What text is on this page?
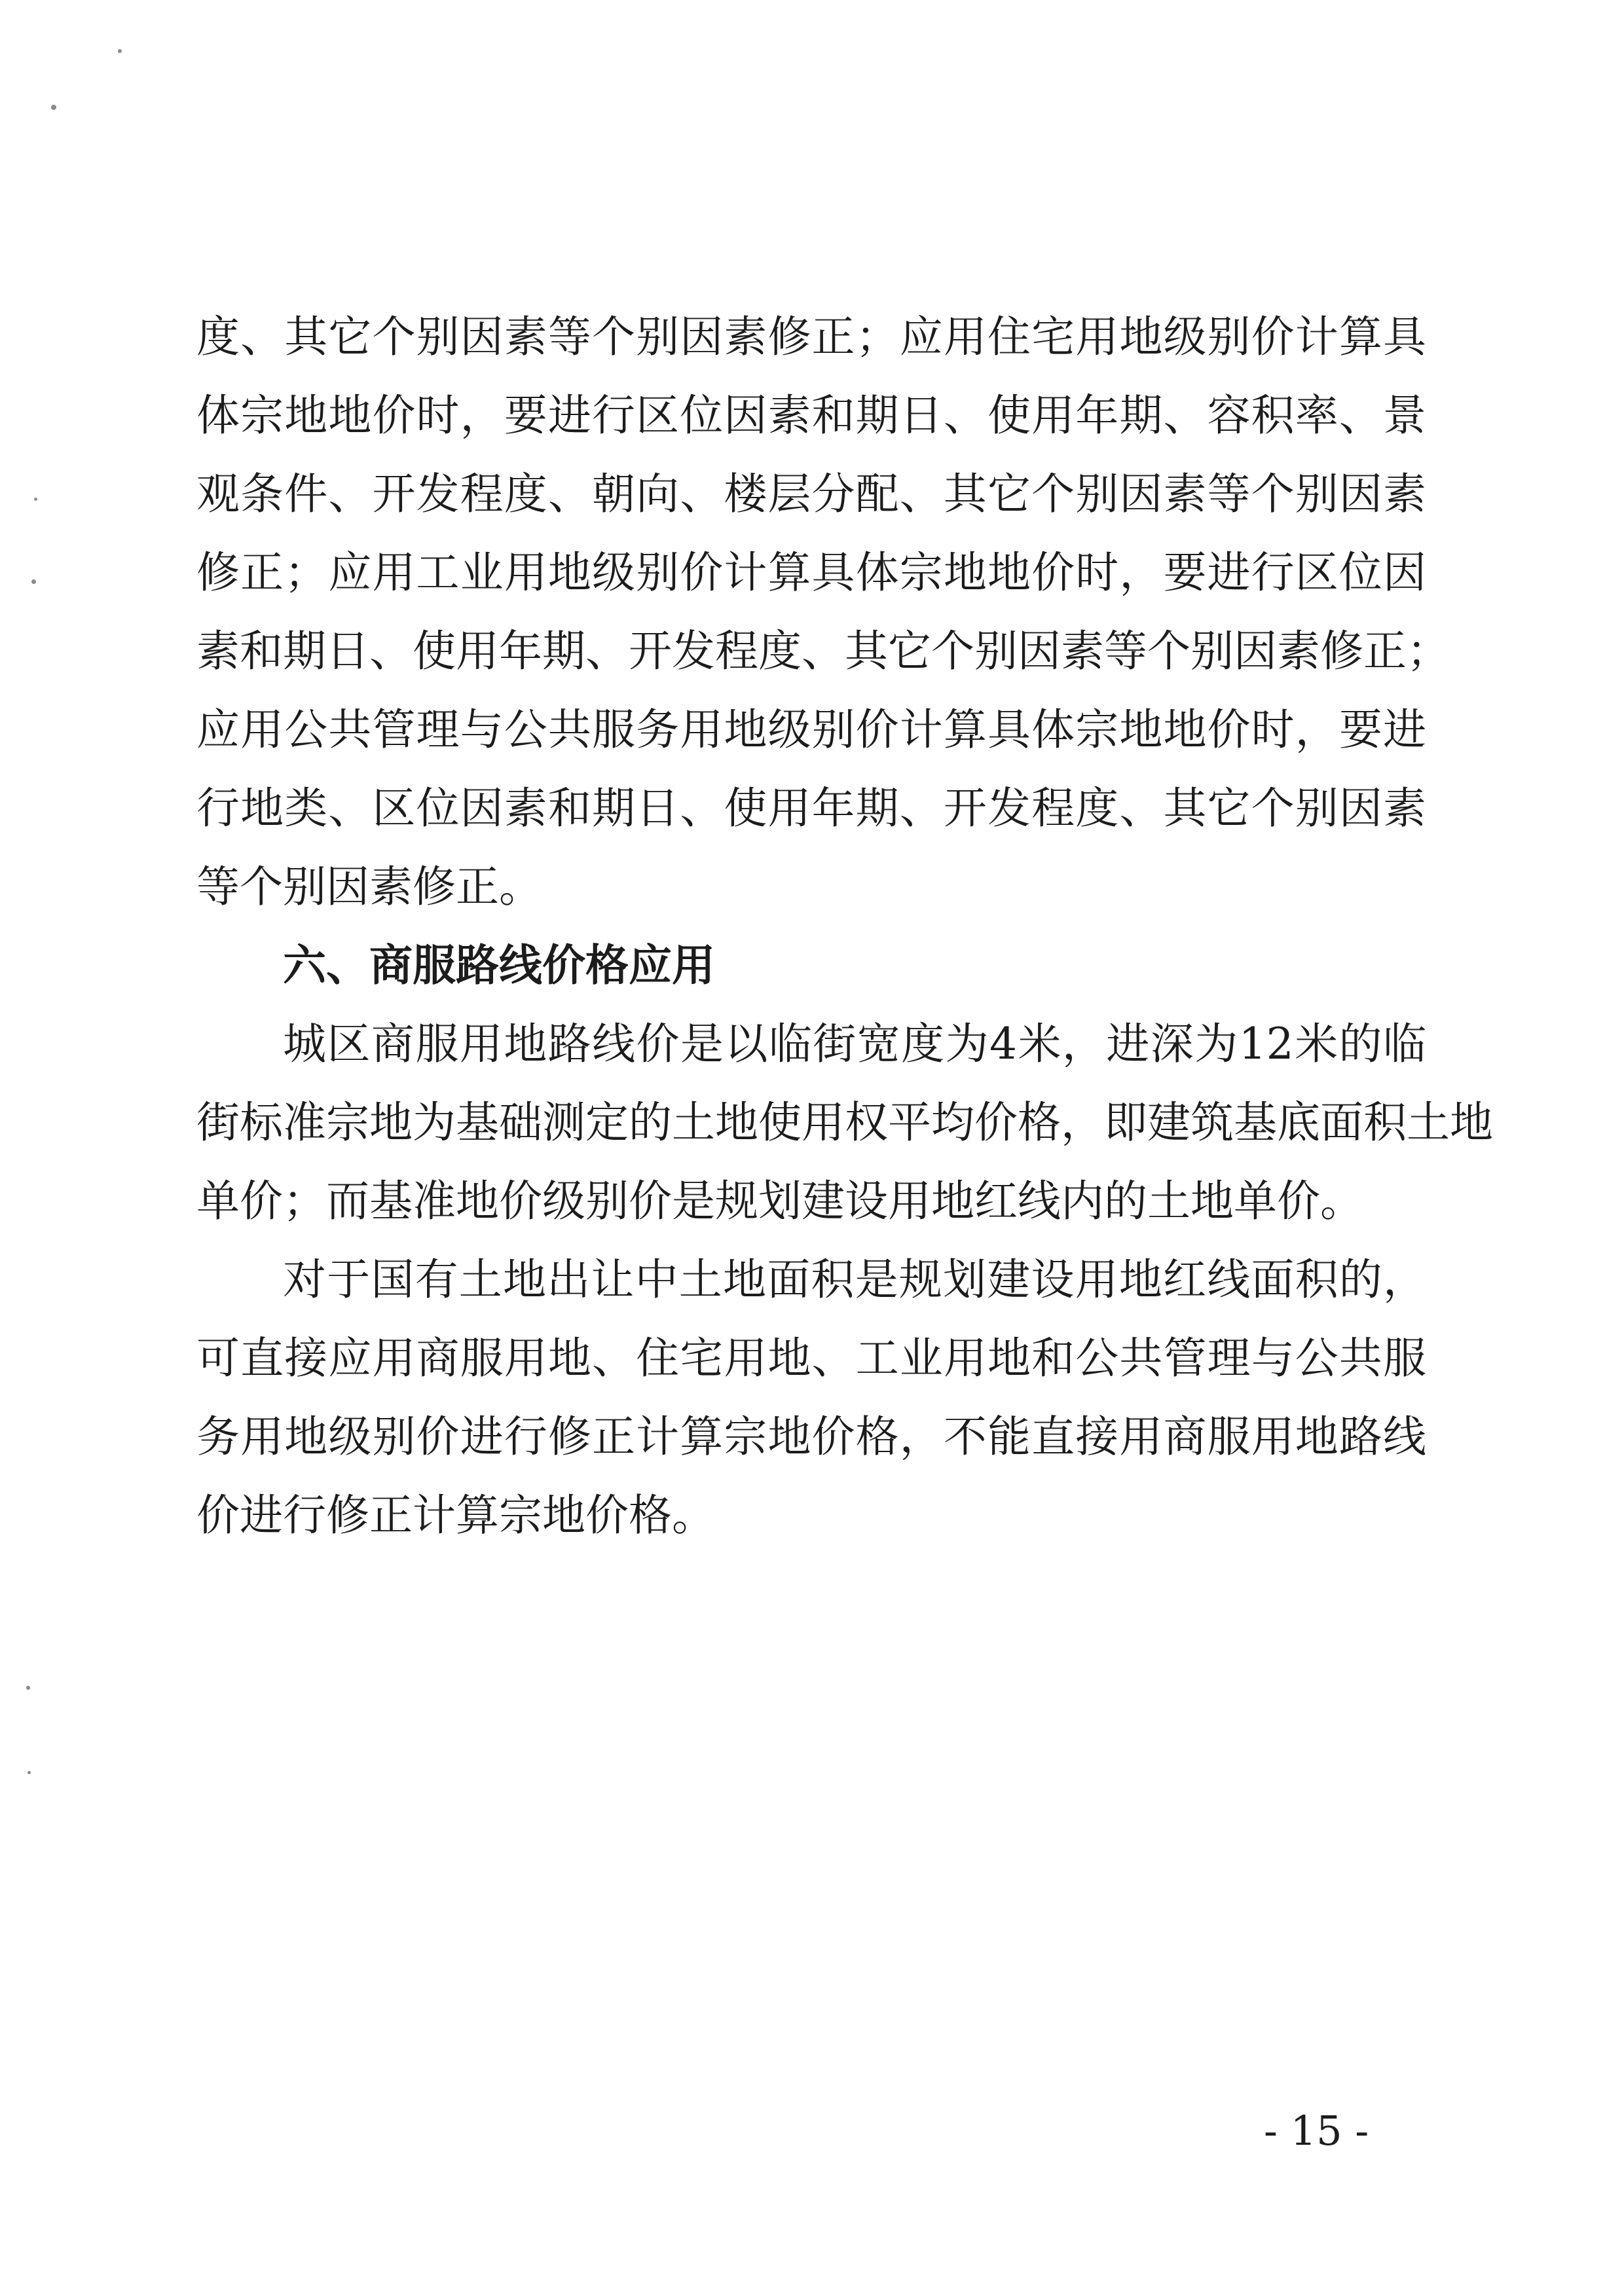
度、其它个别因素等个别因素修正；应用住宅用地级别价计算具
体宗地地价时，要进行区位因素和期日、使用年期、容积率、景
观条件、开发程度、朝向、楼层分配、其它个别因素等个别因素
修正；应用工业用地级别价计算具体宗地地价时，要进行区位因
素和期日、使用年期、开发程度、其它个别因素等个别因素修正；
应用公共管理与公共服务用地级别价计算具体宗地地价时，要进
行地类、区位因素和期日、使用年期、开发程度、其它个别因素
等个别因素修正。
六、商服路线价格应用
城区商服用地路线价是以临街宽度为4米，进深为12米的临
街标准宗地为基础测定的土地使用权平均价格，即建筑基底面积土地
单价；而基准地价级别价是规划建设用地红线内的土地单价。
对于国有土地出让中土地面积是规划建设用地红线面积的，
可直接应用商服用地、住宅用地、工业用地和公共管理与公共服
务用地级别价进行修正计算宗地价格，不能直接用商服用地路线
价进行修正计算宗地价格。
- 15 -
